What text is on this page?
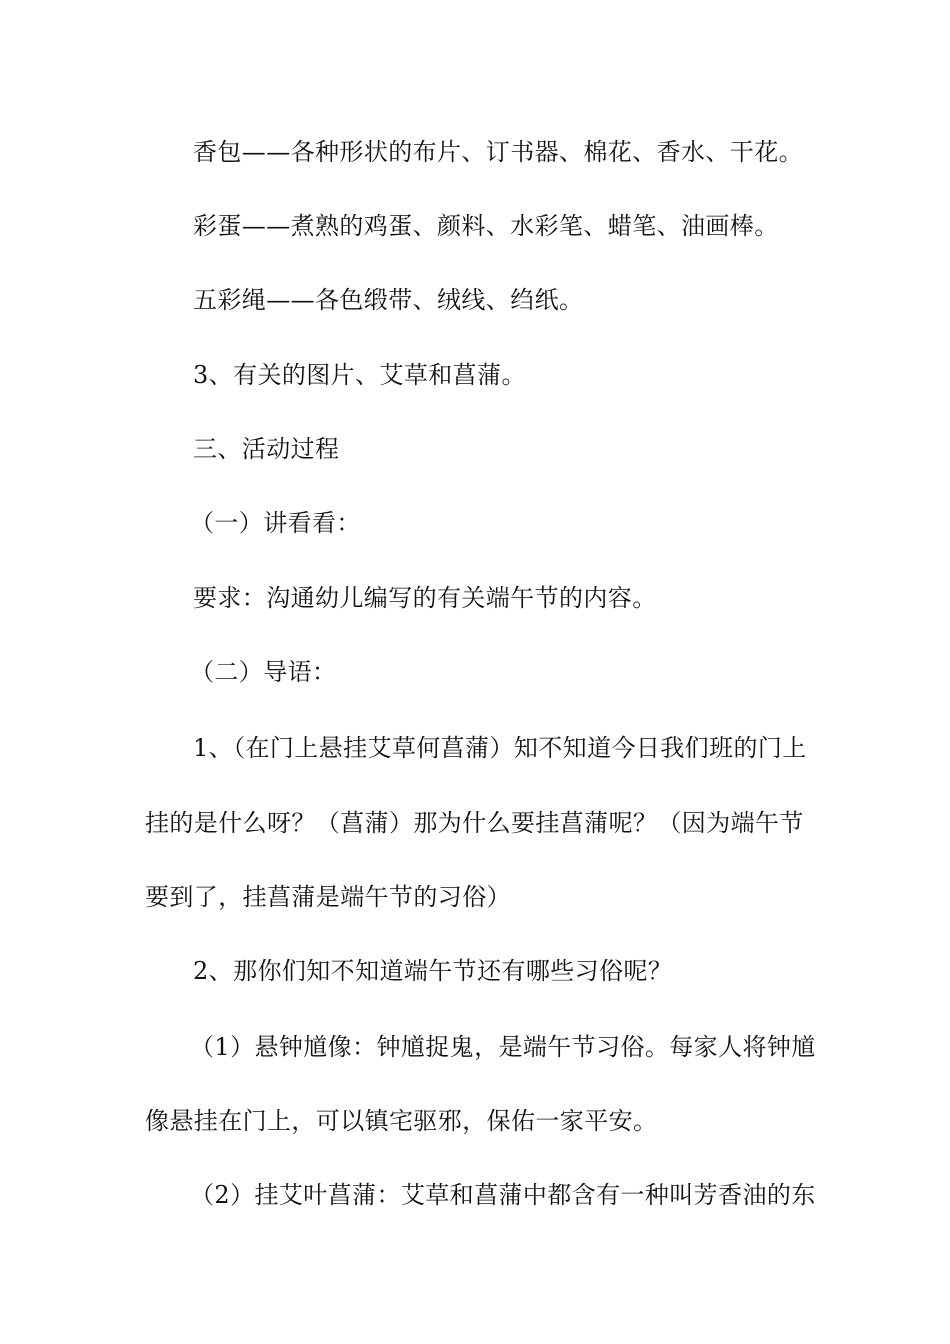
香包——各种形状的布片、订书器、棉花、香水、干花。
彩蛋——煮熟的鸡蛋、颜料、水彩笔、蜡笔、油画棒。
五彩绳——各色缎带、绒线、绉纸。
3、有关的图片、艾草和菖蒲。
三、活动过程
（一）讲看看：
要求：沟通幼儿编写的有关端午节的内容。
（二）导语：
1、（在门上悬挂艾草何菖蒲）知不知道今日我们班的门上
挂的是什么呀？（菖蒲）那为什么要挂菖蒲呢？（因为端午节
要到了，挂菖蒲是端午节的习俗）
2、那你们知不知道端午节还有哪些习俗呢？
（1）悬钟馗像：钟馗捉鬼，是端午节习俗。每家人将钟馗
像悬挂在门上，可以镇宅驱邪，保佑一家平安。
（2）挂艾叶菖蒲：艾草和菖蒲中都含有一种叫芳香油的东
